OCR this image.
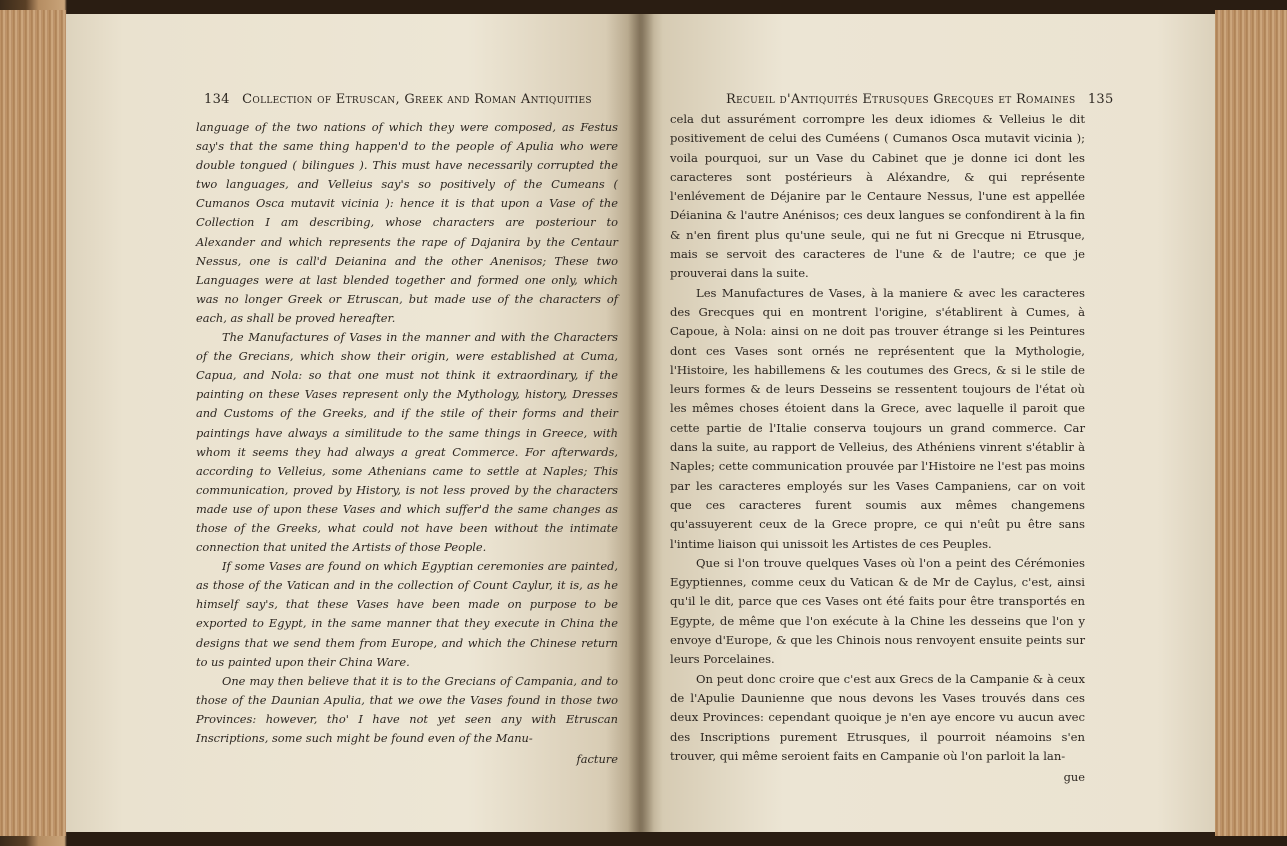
134 Collection of Etruscan, Greek and Roman Antiquities

language of the two nations of which they were composed, as Festus say's that the same thing happen'd to the people of Apulia who were double tongued ( bilingues ). This must have necessarily corrupted the two languages, and Velleius say's so positively of the Cumeans ( Cumanos Osca mutavit vicinia ): hence it is that upon a Vase of the Collection I am describing, whose characters are posteriour to Alexander and which represents the rape of Dajanira by the Centaur Nessus, one is call'd Deianina and the other Anenisos; These two Languages were at last blended together and formed one only, which was no longer Greek or Etruscan, but made use of the characters of each, as shall be proved hereafter.

The Manufactures of Vases in the manner and with the Characters of the Grecians, which show their origin, were established at Cuma, Capua, and Nola: so that one must not think it extraordinary, if the painting on these Vases represent only the Mythology, history, Dresses and Customs of the Greeks, and if the stile of their forms and their paintings have always a similitude to the same things in Greece, with whom it seems they had always a great Commerce. For afterwards, according to Velleius, some Athenians came to settle at Naples; This communication, proved by History, is not less proved by the characters made use of upon these Vases and which suffer'd the same changes as those of the Greeks, what could not have been without the intimate connection that united the Artists of those People.

If some Vases are found on which Egyptian ceremonies are painted, as those of the Vatican and in the collection of Count Caylur, it is, as he himself say's, that these Vases have been made on purpose to be exported to Egypt, in the same manner that they execute in China the designs that we send them from Europe, and which the Chinese return to us painted upon their China Ware.

One may then believe that it is to the Grecians of Campania, and to those of the Daunian Apulia, that we owe the Vases found in those two Provinces: however, tho' I have not yet seen any with Etruscan Inscriptions, some such might be found even of the Manu-

facture
Recueil d'Antiquités Etrusques Grecques et Romaines 135

cela dut assurément corrompre les deux idiomes & Velleius le dit positivement de celui des Cuméens ( Cumanos Osca mutavit vicinia ); voila pourquoi, sur un Vase du Cabinet que je donne ici dont les caracteres sont postérieurs à Aléxandre, & qui représente l'enlévement de Déjanire par le Centaure Nessus, l'une est appellée Déianina & l'autre Anénisos; ces deux langues se confondirent à la fin & n'en firent plus qu'une seule, qui ne fut ni Grecque ni Etrusque, mais se servoit des caracteres de l'une & de l'autre; ce que je prouverai dans la suite.

Les Manufactures de Vases, à la maniere & avec les caracteres des Grecques qui en montrent l'origine, s'établirent à Cumes, à Capoue, à Nola: ainsi on ne doit pas trouver étrange si les Peintures dont ces Vases sont ornés ne représentent que la Mythologie, l'Histoire, les habillemens & les coutumes des Grecs, & si le stile de leurs formes & de leurs Desseins se ressentent toujours de l'état où les mêmes choses étoient dans la Grece, avec laquelle il paroit que cette partie de l'Italie conserva toujours un grand commerce. Car dans la suite, au rapport de Velleius, des Athéniens vinrent s'établir à Naples; cette communication prouvée par l'Histoire ne l'est pas moins par les caracteres employés sur les Vases Campaniens, car on voit que ces caracteres furent soumis aux mêmes changemens qu'assuyerent ceux de la Grece propre, ce qui n'eût pu être sans l'intime liaison qui unissoit les Artistes de ces Peuples.

Que si l'on trouve quelques Vases où l'on a peint des Cérémonies Egyptiennes, comme ceux du Vatican & de Mr de Caylus, c'est, ainsi qu'il le dit, parce que ces Vases ont été faits pour être transportés en Egypte, de même que l'on exécute à la Chine les desseins que l'on y envoye d'Europe, & que les Chinois nous renvoyent ensuite peints sur leurs Porcelaines.

On peut donc croire que c'est aux Grecs de la Campanie & à ceux de l'Apulie Daunienne que nous devons les Vases trouvés dans ces deux Provinces: cependant quoique je n'en aye encore vu aucun avec des Inscriptions purement Etrusques, il pourroit néamoins s'en trouver, qui même seroient faits en Campanie où l'on parloit la lan-

gue
